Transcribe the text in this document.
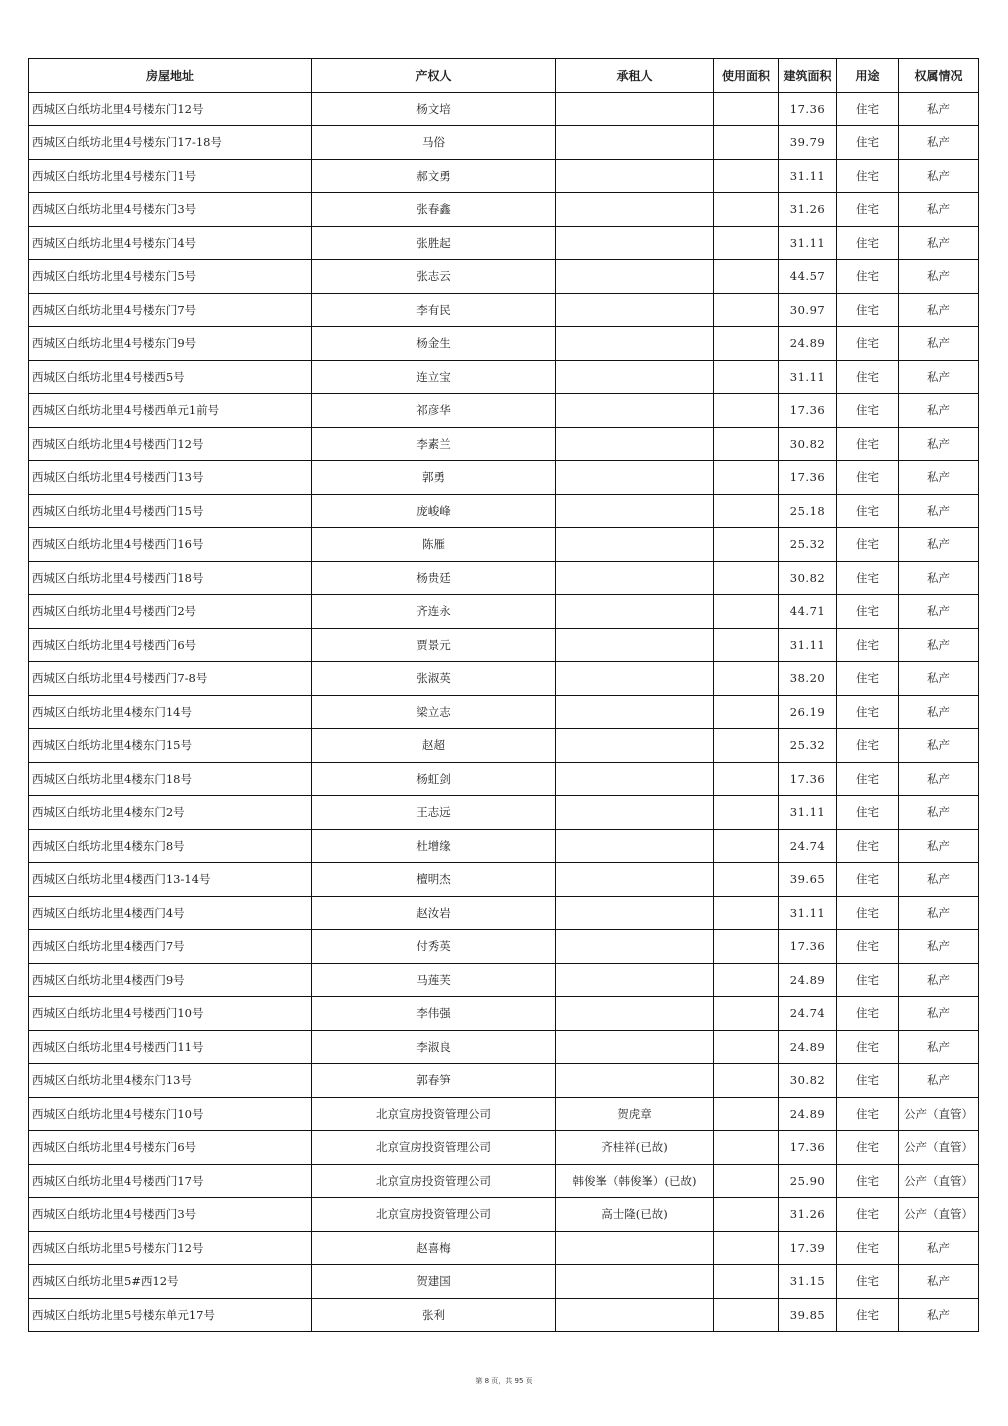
房屋地址	产权人	承租人	使用面积	建筑面积	用途	权属情况
西城区白纸坊北里4号楼东门12号	杨文培			17.36	住宅	私产
西城区白纸坊北里4号楼东门17-18号	马俗			39.79	住宅	私产
西城区白纸坊北里4号楼东门1号	郝文勇			31.11	住宅	私产
西城区白纸坊北里4号楼东门3号	张春鑫			31.26	住宅	私产
西城区白纸坊北里4号楼东门4号	张胜起			31.11	住宅	私产
西城区白纸坊北里4号楼东门5号	张志云			44.57	住宅	私产
西城区白纸坊北里4号楼东门7号	李有民			30.97	住宅	私产
西城区白纸坊北里4号楼东门9号	杨金生			24.89	住宅	私产
西城区白纸坊北里4号楼西5号	连立宝			31.11	住宅	私产
西城区白纸坊北里4号楼西单元1前号	祁彦华			17.36	住宅	私产
西城区白纸坊北里4号楼西门12号	李素兰			30.82	住宅	私产
西城区白纸坊北里4号楼西门13号	郭勇			17.36	住宅	私产
西城区白纸坊北里4号楼西门15号	庞峻峰			25.18	住宅	私产
西城区白纸坊北里4号楼西门16号	陈雁			25.32	住宅	私产
西城区白纸坊北里4号楼西门18号	杨贵廷			30.82	住宅	私产
西城区白纸坊北里4号楼西门2号	齐连永			44.71	住宅	私产
西城区白纸坊北里4号楼西门6号	贾景元			31.11	住宅	私产
西城区白纸坊北里4号楼西门7-8号	张淑英			38.20	住宅	私产
西城区白纸坊北里4楼东门14号	梁立志			26.19	住宅	私产
西城区白纸坊北里4楼东门15号	赵超			25.32	住宅	私产
西城区白纸坊北里4楼东门18号	杨虹剑			17.36	住宅	私产
西城区白纸坊北里4楼东门2号	王志远			31.11	住宅	私产
西城区白纸坊北里4楼东门8号	杜增缘			24.74	住宅	私产
西城区白纸坊北里4楼西门13-14号	檀明杰			39.65	住宅	私产
西城区白纸坊北里4楼西门4号	赵汝岩			31.11	住宅	私产
西城区白纸坊北里4楼西门7号	付秀英			17.36	住宅	私产
西城区白纸坊北里4楼西门9号	马莲芙			24.89	住宅	私产
西城区白纸坊北里4号楼西门10号	李伟强			24.74	住宅	私产
西城区白纸坊北里4号楼西门11号	李淑良			24.89	住宅	私产
西城区白纸坊北里4楼东门13号	郭春笋			30.82	住宅	私产
西城区白纸坊北里4号楼东门10号	北京宣房投资管理公司	贺虎章		24.89	住宅	公产（直管）
西城区白纸坊北里4号楼东门6号	北京宣房投资管理公司	齐桂祥(已故)		17.36	住宅	公产（直管）
西城区白纸坊北里4号楼西门17号	北京宣房投资管理公司	韩俊峯（韩俊峯）(已故)		25.90	住宅	公产（直管）
西城区白纸坊北里4号楼西门3号	北京宣房投资管理公司	高士隆(已故)		31.26	住宅	公产（直管）
西城区白纸坊北里5号楼东门12号	赵喜梅			17.39	住宅	私产
西城区白纸坊北里5#西12号	贺建国			31.15	住宅	私产
西城区白纸坊北里5号楼东单元17号	张利			39.85	住宅	私产
第 8 页，共 95 页
